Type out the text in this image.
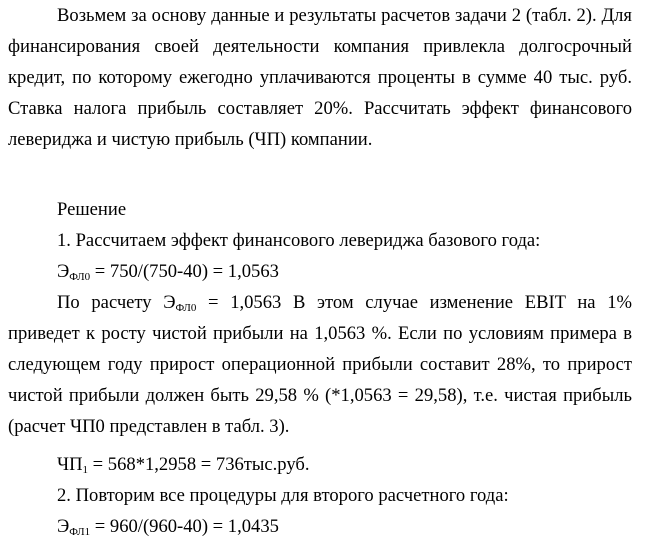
Возьмем за основу данные и результаты расчетов задачи 2 (табл. 2). Для
финансирования своей деятельности компания привлекла долгосрочный
кредит, по которому ежегодно уплачиваются проценты в сумме 40 тыс. руб.
Ставка налога прибыль составляет 20%. Рассчитать эффект финансового
левериджа и чистую прибыль (ЧП) компании.
Решение
1. Рассчитаем эффект финансового левериджа базового года:
$Э_{ФЛ0} = 750/(750-40) = 1,0563$
По расчету $Э_{ФЛ0} = 1,0563$ В этом случае изменение EBIT на 1%
приведет к росту чистой прибыли на 1,0563 %. Если по условиям примера в
следующем году прирост операционной прибыли составит 28%, то прирост
чистой прибыли должен быть 29,58 % (*1,0563 = 29,58), т.е. чистая прибыль
(расчет ЧП0 представлен в табл. 3).
$ЧП_1 = 568*1,2958 = 736тыс.руб$.
2. Повторим все процедуры для второго расчетного года:
$Э_{ФЛ1} = 960/(960-40) = 1,0435$
